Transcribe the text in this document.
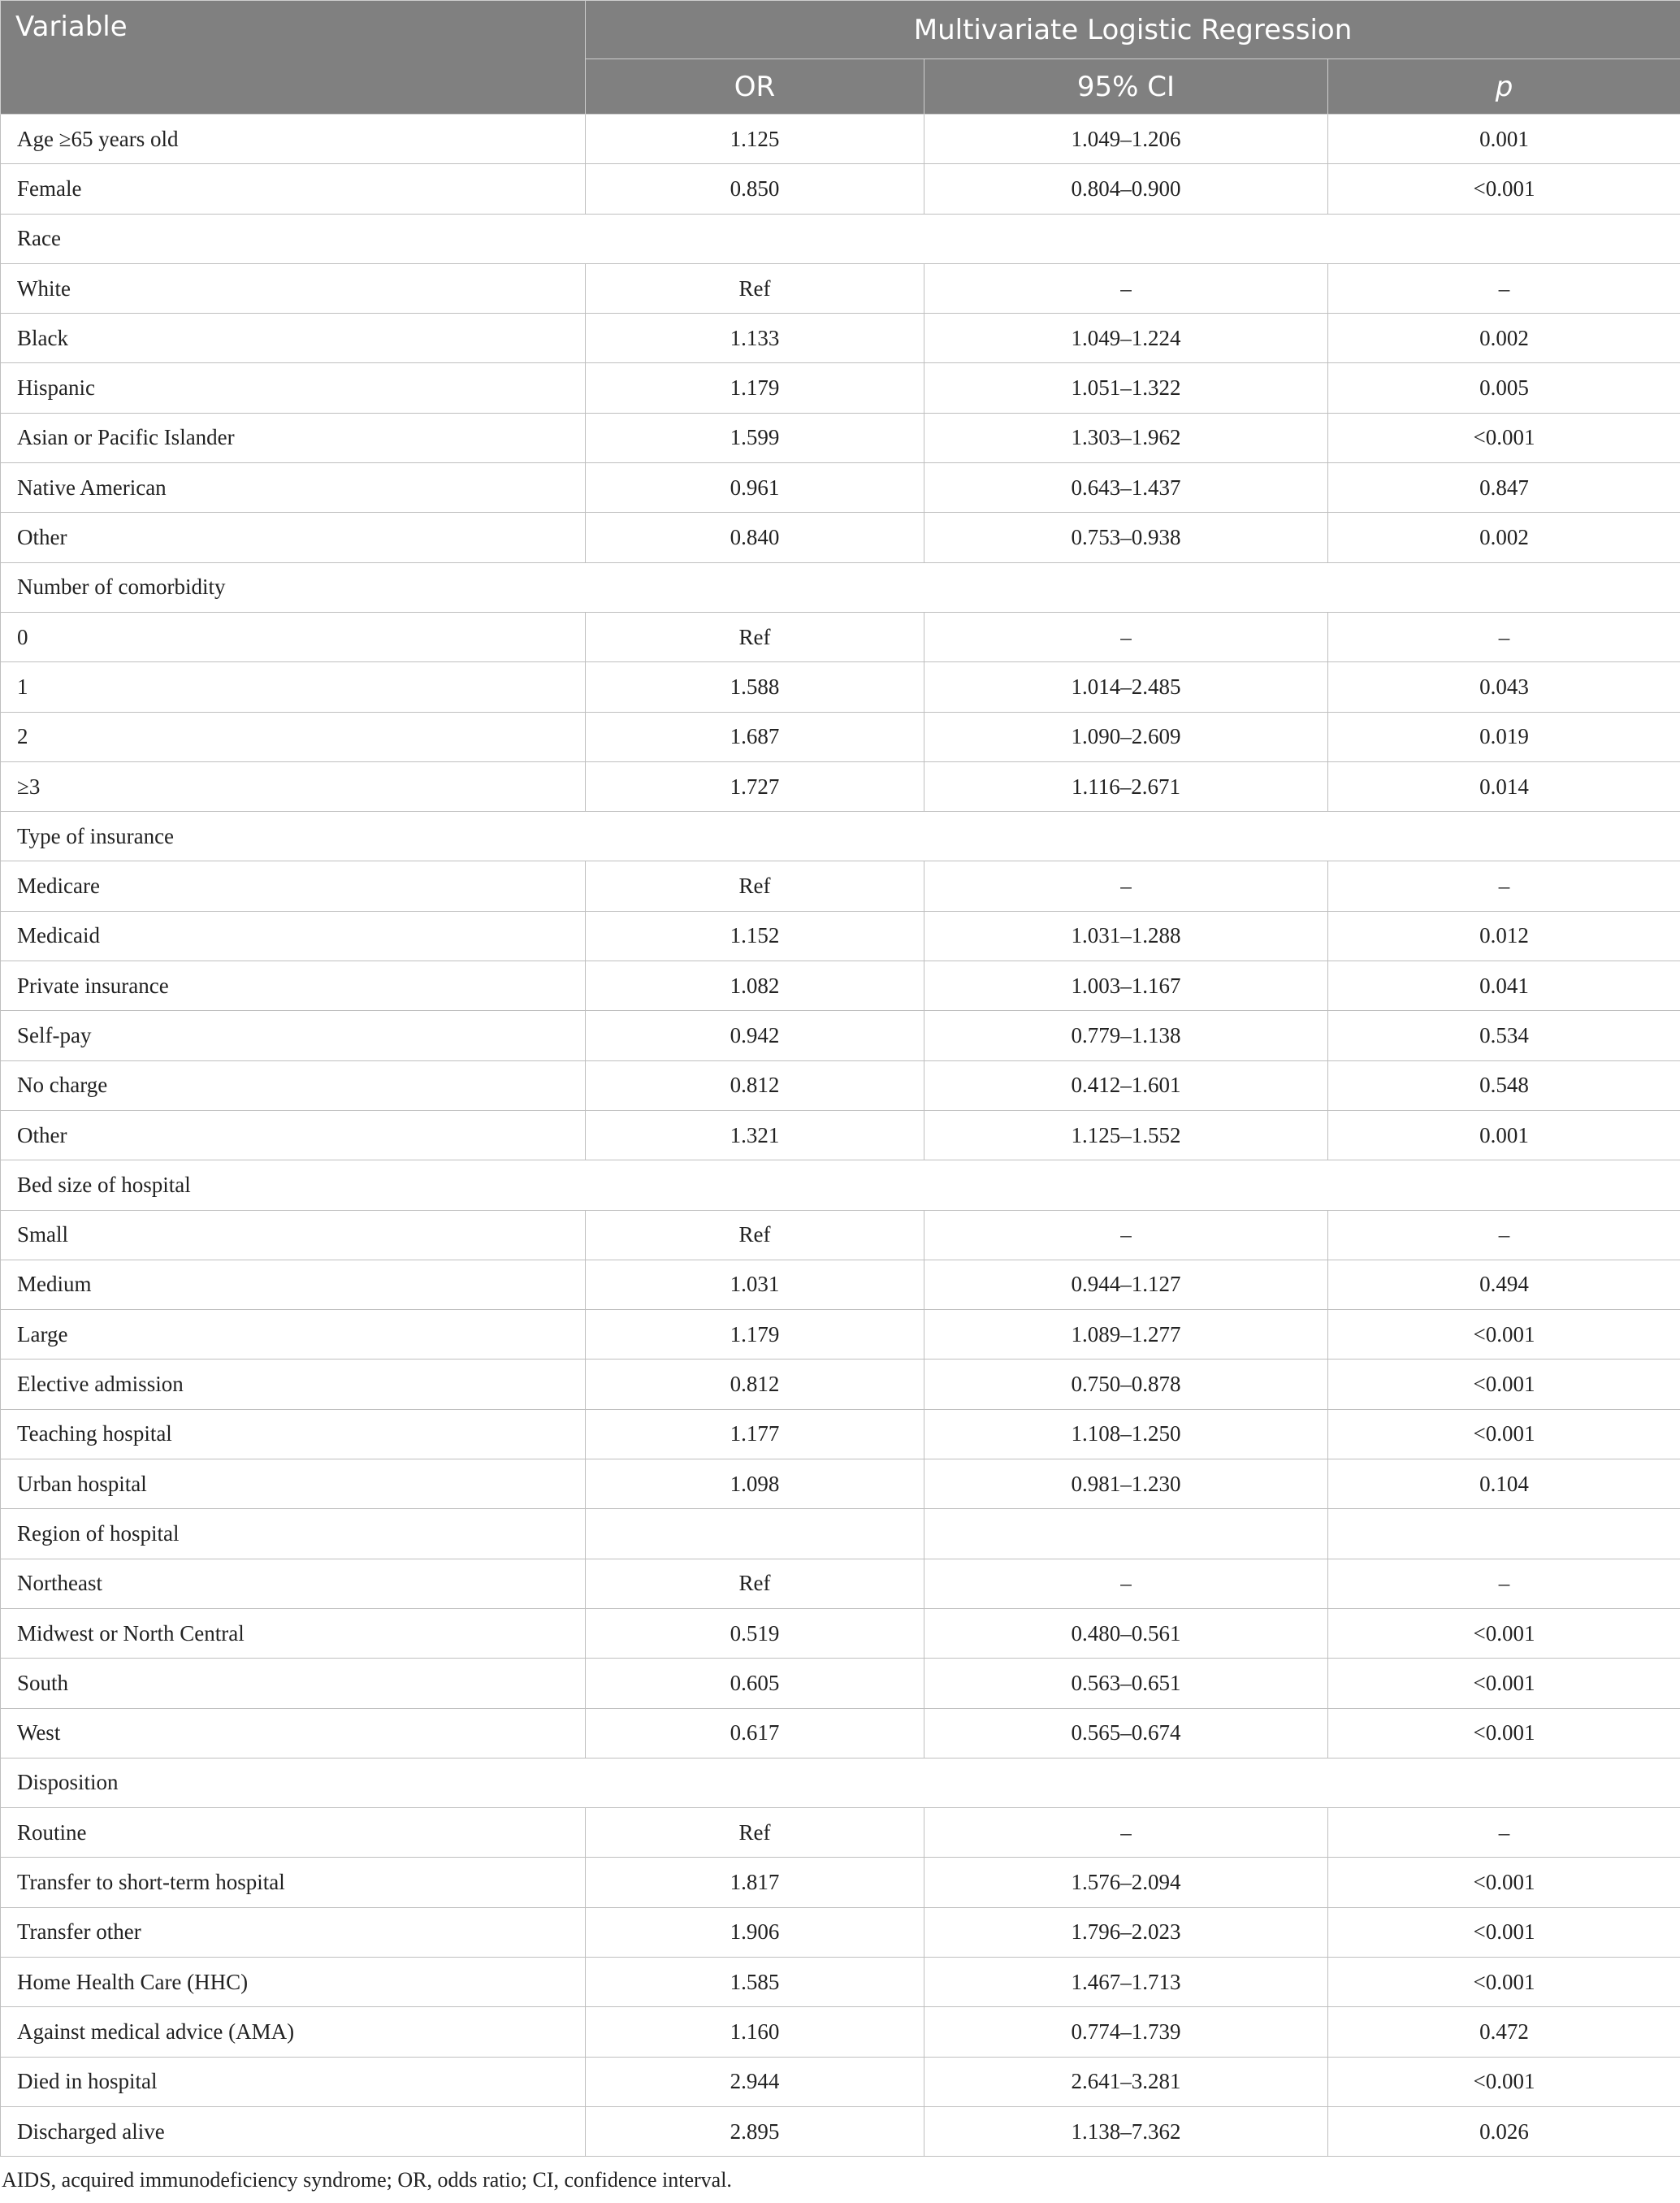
Variable	Multivariate Logistic Regression		
	OR	95% CI	p
Age ≥65 years old	1.125	1.049–1.206	0.001
Female	0.850	0.804–0.900	<0.001
Race			
White	Ref	–	–
Black	1.133	1.049–1.224	0.002
Hispanic	1.179	1.051–1.322	0.005
Asian or Pacific Islander	1.599	1.303–1.962	<0.001
Native American	0.961	0.643–1.437	0.847
Other	0.840	0.753–0.938	0.002
Number of comorbidity			
0	Ref	–	–
1	1.588	1.014–2.485	0.043
2	1.687	1.090–2.609	0.019
≥3	1.727	1.116–2.671	0.014
Type of insurance			
Medicare	Ref	–	–
Medicaid	1.152	1.031–1.288	0.012
Private insurance	1.082	1.003–1.167	0.041
Self-pay	0.942	0.779–1.138	0.534
No charge	0.812	0.412–1.601	0.548
Other	1.321	1.125–1.552	0.001
Bed size of hospital			
Small	Ref	–	–
Medium	1.031	0.944–1.127	0.494
Large	1.179	1.089–1.277	<0.001
Elective admission	0.812	0.750–0.878	<0.001
Teaching hospital	1.177	1.108–1.250	<0.001
Urban hospital	1.098	0.981–1.230	0.104
Region of hospital			
Northeast	Ref	–	–
Midwest or North Central	0.519	0.480–0.561	<0.001
South	0.605	0.563–0.651	<0.001
West	0.617	0.565–0.674	<0.001
Disposition			
Routine	Ref	–	–
Transfer to short-term hospital	1.817	1.576–2.094	<0.001
Transfer other	1.906	1.796–2.023	<0.001
Home Health Care (HHC)	1.585	1.467–1.713	<0.001
Against medical advice (AMA)	1.160	0.774–1.739	0.472
Died in hospital	2.944	2.641–3.281	<0.001
Discharged alive	2.895	1.138–7.362	0.026
AIDS, acquired immunodeficiency syndrome; OR, odds ratio; CI, confidence interval.
